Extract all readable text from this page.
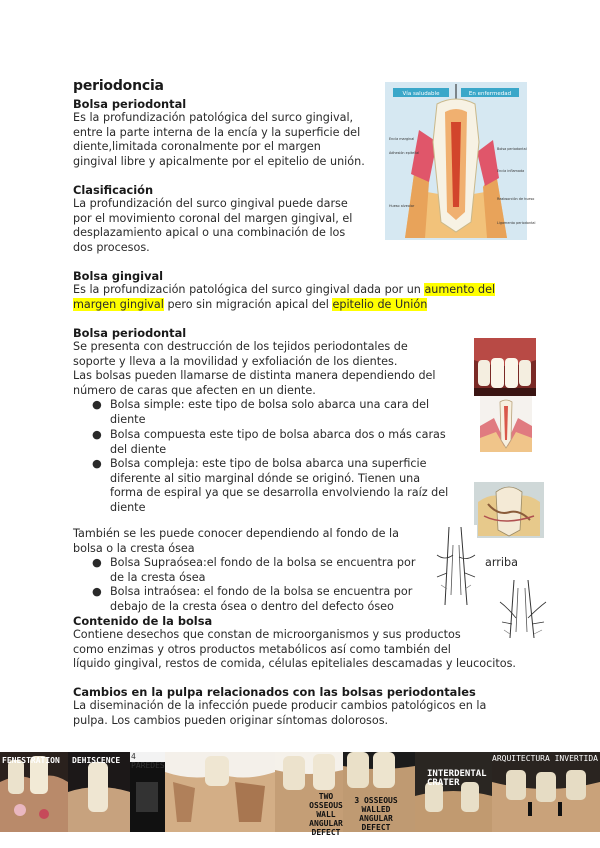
periodoncia
Bolsa periodontal
Es la profundización patológica del surco gingival,
entre la parte interna de la encía y la superficie del
diente,limitada coronalmente por el margen
gingival libre y apicalmente por el epitelio de unión.
Clasificación
La profundización del surco gingival puede darse
por el movimiento coronal del margen gingival, el
desplazamiento apical o una combinación de los
dos procesos.
Vía saludable	En enfermedad
Encía marginal
Adhesión epitelial
Hueso alveolar
Bolsa periodontal
Encía inflamada
Reabsorción de hueso
Ligamento periodontal
Bolsa gingival
Es la profundización patológica del surco gingival dada por un aumento del
margen gingival pero sin migración apical del epitelio de Unión
Bolsa periodontal
Se presenta con destrucción de los tejidos periodontales de
soporte y lleva a la movilidad y exfoliación de los dientes.
Las bolsas pueden llamarse de distinta manera dependiendo del
número de caras que afecten en un diente.
● Bolsa simple: este tipo de bolsa solo abarca una cara del
diente
● Bolsa compuesta este tipo de bolsa abarca dos o más caras
del diente
● Bolsa compleja: este tipo de bolsa abarca una superficie
diferente al sitio marginal dónde se originó. Tienen una
forma de espiral ya que se desarrolla envolviendo la raíz del
diente
También se les puede conocer dependiendo al fondo de la
bolsa o la cresta ósea
● Bolsa Supraósea:el fondo de la bolsa se encuentra por
de la cresta ósea
arriba
● Bolsa intraósea: el fondo de la bolsa se encuentra por
debajo de la cresta ósea o dentro del defecto óseo
Contenido de la bolsa
Contiene desechos que constan de microorganismos y sus productos
como enzimas y otros productos metabólicos así como también del
líquido gingival, restos de comida, células epiteliales descamadas y leucocitos.
Cambios en la pulpa relacionados con las bolsas periodontales
La diseminación de la infección puede producir cambios patológicos en la
pulpa. Los cambios pueden originar síntomas dolorosos.
FENESTRATION DEHISCENCE 4 PAREDES
TWO OSSEOUS WALL ANGULAR DEFECT
3 OSSEOUS WALLED ANGULAR DEFECT
INTERDENTAL CRATER
ARQUITECTURA INVERTIDA
